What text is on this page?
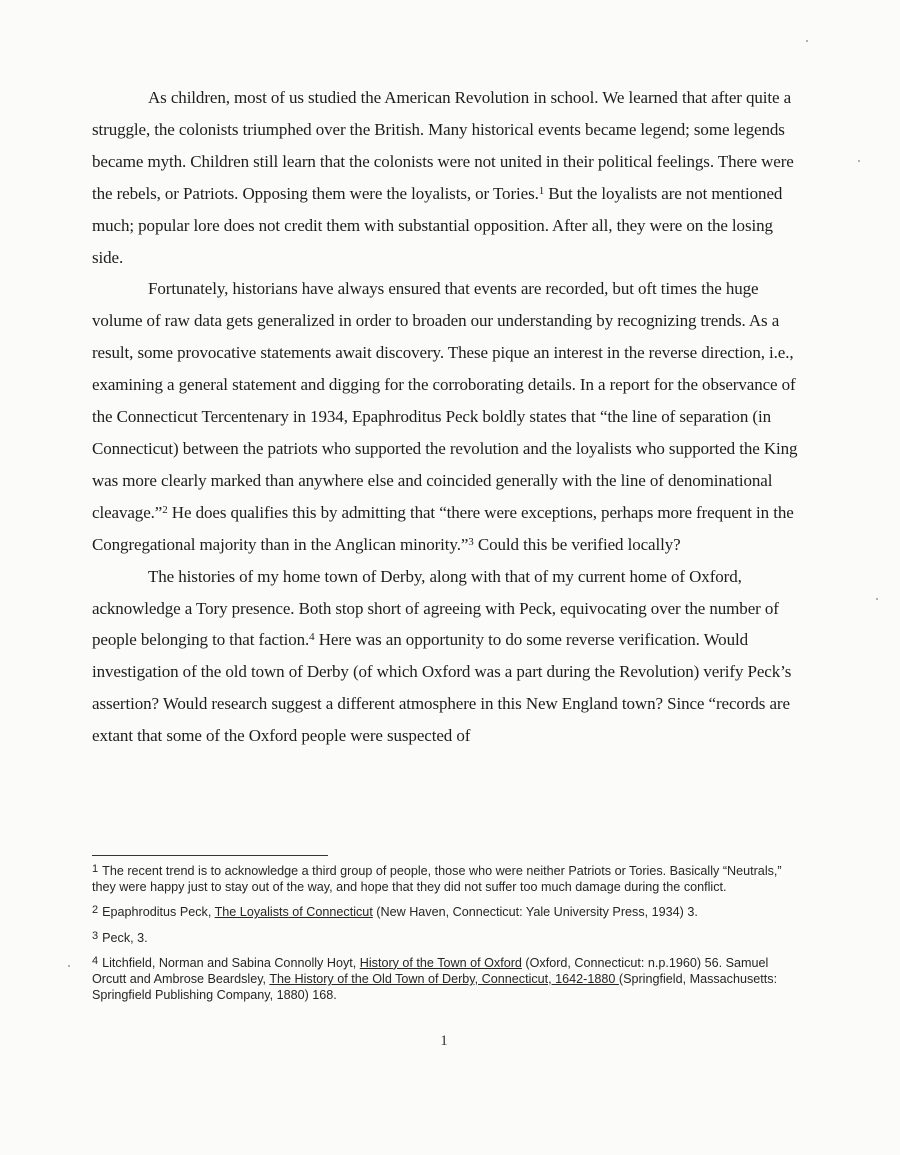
As children, most of us studied the American Revolution in school. We learned that after quite a struggle, the colonists triumphed over the British. Many historical events became legend; some legends became myth. Children still learn that the colonists were not united in their political feelings. There were the rebels, or Patriots. Opposing them were the loyalists, or Tories.$^1$ But the loyalists are not mentioned much; popular lore does not credit them with substantial opposition. After all, they were on the losing side.

Fortunately, historians have always ensured that events are recorded, but oft times the huge volume of raw data gets generalized in order to broaden our understanding by recognizing trends. As a result, some provocative statements await discovery. These pique an interest in the reverse direction, i.e., examining a general statement and digging for the corroborating details. In a report for the observance of the Connecticut Tercentenary in 1934, Epaphroditus Peck boldly states that “the line of separation (in Connecticut) between the patriots who supported the revolution and the loyalists who supported the King was more clearly marked than anywhere else and coincided generally with the line of denominational cleavage.”$^2$ He does qualifies this by admitting that “there were exceptions, perhaps more frequent in the Congregational majority than in the Anglican minority.”$^3$ Could this be verified locally?

The histories of my home town of Derby, along with that of my current home of Oxford, acknowledge a Tory presence. Both stop short of agreeing with Peck, equivocating over the number of people belonging to that faction.$^4$ Here was an opportunity to do some reverse verification. Would investigation of the old town of Derby (of which Oxford was a part during the Revolution) verify Peck’s assertion? Would research suggest a different atmosphere in this New England town? Since “records are extant that some of the Oxford people were suspected of

1 The recent trend is to acknowledge a third group of people, those who were neither Patriots or Tories. Basically “Neutrals,” they were happy just to stay out of the way, and hope that they did not suffer too much damage during the conflict.

2 Epaphroditus Peck, The Loyalists of Connecticut (New Haven, Connecticut: Yale University Press, 1934) 3.

3 Peck, 3.

4 Litchfield, Norman and Sabina Connolly Hoyt, History of the Town of Oxford (Oxford, Connecticut: n.p.1960) 56. Samuel Orcutt and Ambrose Beardsley, The History of the Old Town of Derby, Connecticut, 1642-1880 (Springfield, Massachusetts: Springfield Publishing Company, 1880) 168.

1
